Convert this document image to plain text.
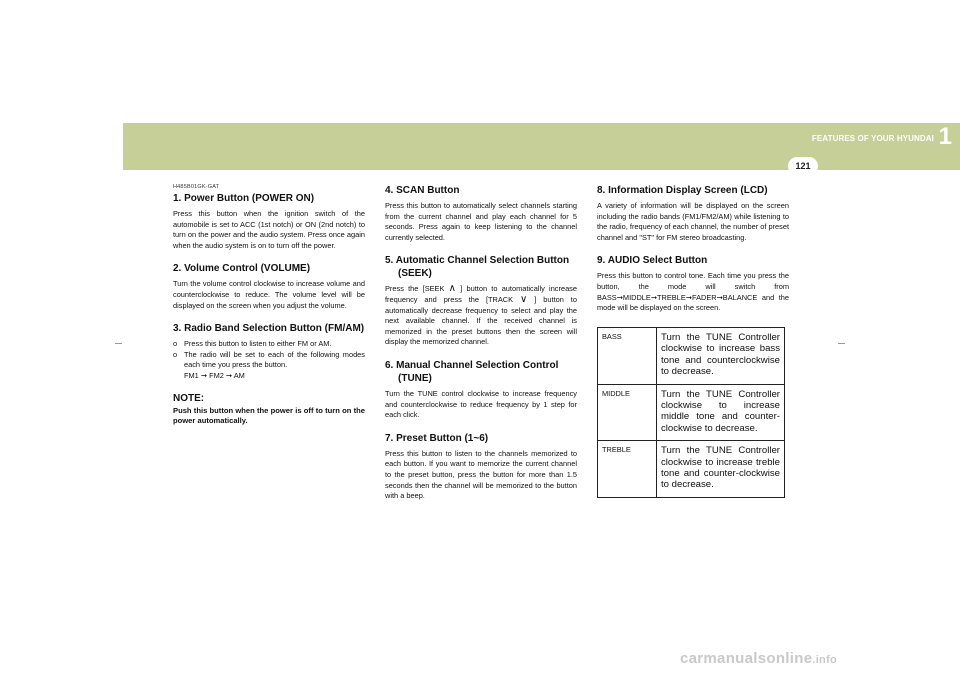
FEATURES OF YOUR HYUNDAI 1
121
H485B01GK-GAT
1. Power Button (POWER ON)

Press this button when the ignition switch of the automobile is set to ACC (1st notch) or ON (2nd notch) to turn on the power and the audio system. Press once again when the audio system is on to turn off the power.

2. Volume Control (VOLUME)

Turn the volume control clockwise to increase volume and counterclockwise to reduce. The volume level will be displayed on the screen when you adjust the volume.

3. Radio Band Selection Button (FM/AM)
o Press this button to listen to either FM or AM.
o The radio will be set to each of the following modes each time you press the button.
FM1 ➞ FM2 ➞ AM
NOTE:
Push this button when the power is off to turn on the power automatically.
4. SCAN Button

Press this button to automatically select channels starting from the current channel and play each channel for 5 seconds. Press again to keep listening to the channel currently selected.

5. Automatic Channel Selection Button
(SEEK)

Press the [SEEK ∧ ] button to automatically increase frequency and press the [TRACK ∨ ] button to automatically decrease frequency to select and play the next available channel. If the received channel is memorized in the preset buttons then the screen will display the memorized channel.

6. Manual Channel Selection Control
(TUNE)

Turn the TUNE control clockwise to increase frequency and counterclockwise to reduce frequency by 1 step for each click.

7. Preset Button (1~6)

Press this button to listen to the channels memorized to each button. If you want to memorize the current channel to the preset button, press the button for more than 1.5 seconds then the channel will be memorized to the button with a beep.

8. Information Display Screen (LCD)

A variety of information will be displayed on the screen including the radio bands (FM1/FM2/AM) while listening to the radio, frequency of each channel, the number of preset channel and "ST" for FM stereo broadcasting.

9. AUDIO Select Button

Press this button to control tone. Each time you press the button, the mode will switch from BASS➞MIDDLE➞TREBLE➞FADER➞BALANCE and the mode will be displayed on the screen.

BASS	Turn the TUNE Controller clockwise to increase bass tone and counterclockwise to decrease.
MIDDLE	Turn the TUNE Controller clockwise to increase middle tone and counter-clockwise to decrease.
TREBLE	Turn the TUNE Controller clockwise to increase treble tone and counter-clockwise to decrease.
carmanualsonline.info
